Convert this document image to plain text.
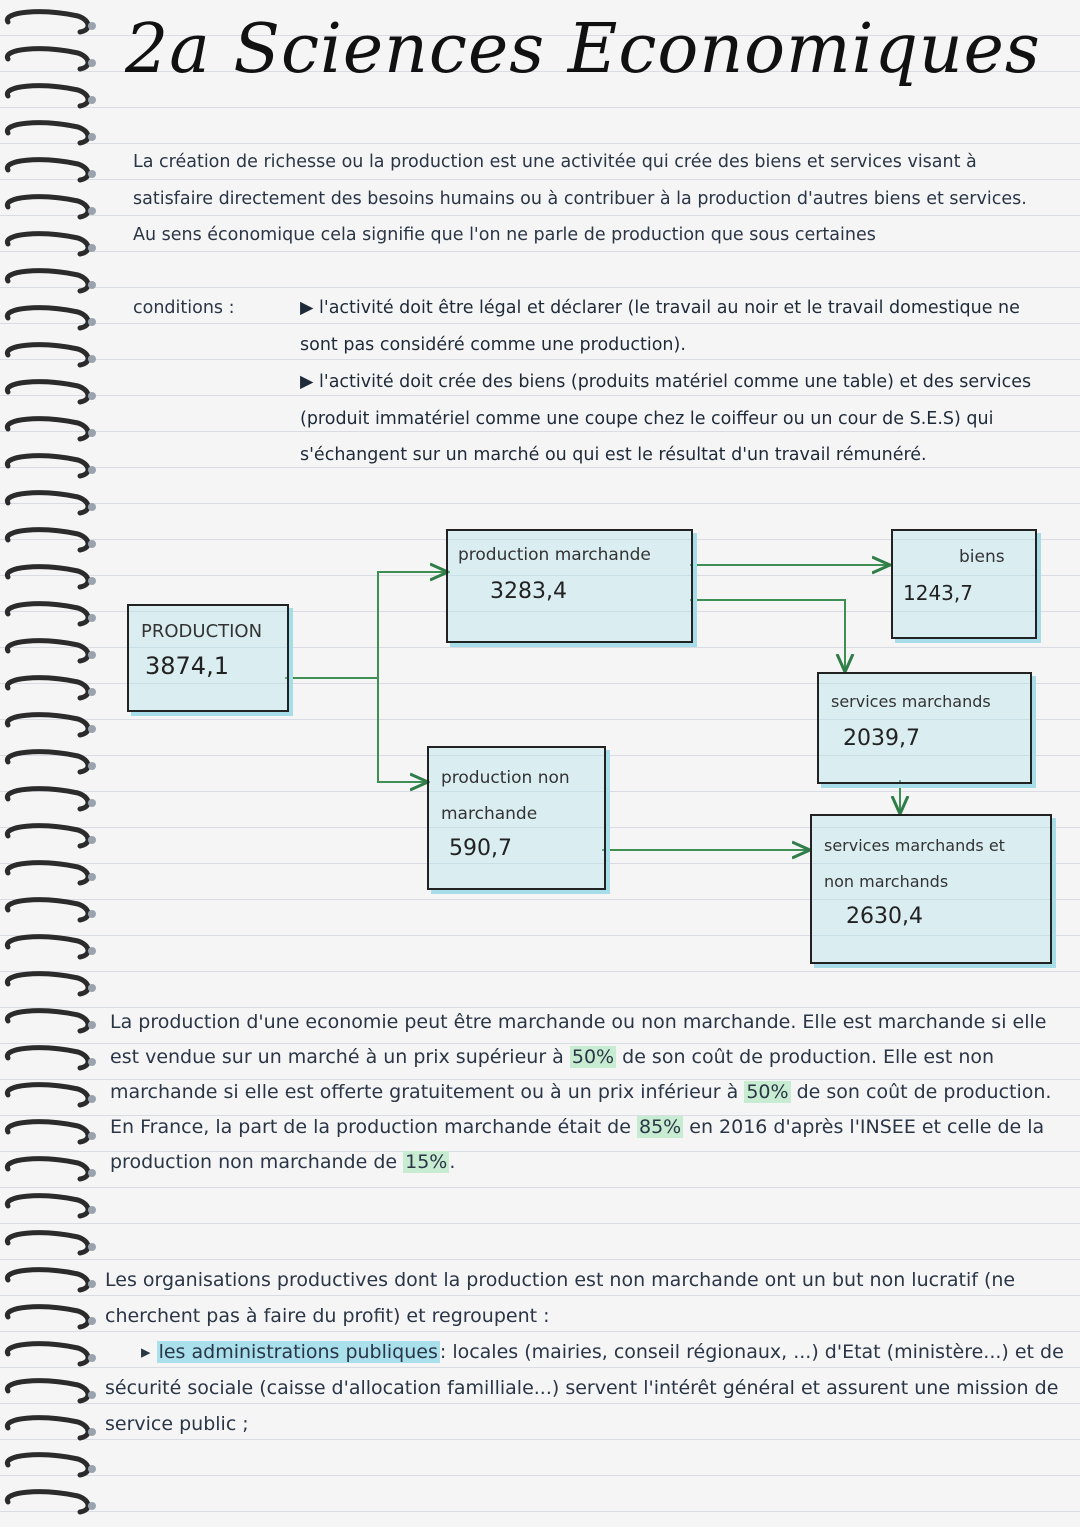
2a Sciences Economiques

La création de richesse ou la production est une activitée qui crée des biens et services visant à satisfaire directement des besoins humains ou à contribuer à la production d'autres biens et services.
Au sens économique cela signifie que l'on ne parle de production que sous certaines

conditions :	▶ l'activité doit être légal et déclarer (le travail au noir et le travail domestique ne sont pas considéré comme une production).

▶ l'activité doit crée des biens (produits matériel comme une table) et des services (produit immatériel comme une coupe chez le coiffeur ou un cour de S.E.S) qui s'échangent sur un marché ou qui est le résultat d'un travail rémunéré.

PRODUCTION
3874,1
production marchande
3283,4
production non
marchande
590,7
biens
1243,7
services marchands
2039,7
services marchands et
non marchands
2630,4

La production d'une economie peut être marchande ou non marchande. Elle est marchande si elle est vendue sur un marché à un prix supérieur à 50% de son coût de production. Elle est non marchande si elle est offerte gratuitement ou à un prix inférieur à 50% de son coût de production. En France, la part de la production marchande était de 85% en 2016 d'après l'INSEE et celle de la production non marchande de 15% .

Les organisations productives dont la production est non marchande ont un but non lucratif (ne cherchent pas à faire du profit) et regroupent :
▸ les administrations publiques : locales (mairies, conseil régionaux, ...) d'Etat (ministère...) et de sécurité sociale (caisse d'allocation familliale...) servent l'intérêt général et assurent une mission de service public ;
